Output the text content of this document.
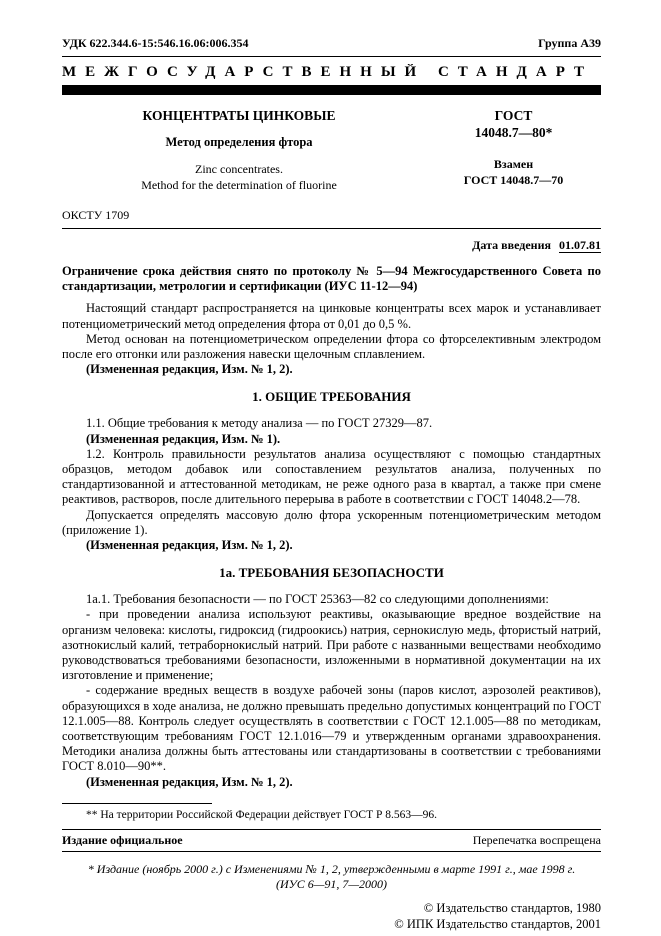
УДК 622.344.6-15:546.16.06:006.354	Группа А39
МЕЖГОСУДАРСТВЕННЫЙ СТАНДАРТ
КОНЦЕНТРАТЫ ЦИНКОВЫЕ
Метод определения фтора
Zinc concentrates.
Method for the determination of fluorine
ГОСТ
14048.7—80*
Взамен
ГОСТ 14048.7—70
ОКСТУ 1709
Дата введения 01.07.81

Ограничение срока действия снято по протоколу № 5—94 Межгосударственного Совета по стандартизации, метрологии и сертификации (ИУС 11-12—94)

Настоящий стандарт распространяется на цинковые концентраты всех марок и устанавливает потенциометрический метод определения фтора от 0,01 до 0,5 %.

Метод основан на потенциометрическом определении фтора со фторселективным электродом после его отгонки или разложения навески щелочным сплавлением.

(Измененная редакция, Изм. № 1, 2).

1. ОБЩИЕ ТРЕБОВАНИЯ

1.1. Общие требования к методу анализа — по ГОСТ 27329—87.

(Измененная редакция, Изм. № 1).

1.2. Контроль правильности результатов анализа осуществляют с помощью стандартных образцов, методом добавок или сопоставлением результатов анализа, полученных по стандартизованной и аттестованной методикам, не реже одного раза в квартал, а также при смене реактивов, растворов, после длительного перерыва в работе в соответствии с ГОСТ 14048.2—78.

Допускается определять массовую долю фтора ускоренным потенциометрическим методом (приложение 1).

(Измененная редакция, Изм. № 1, 2).

1а. ТРЕБОВАНИЯ БЕЗОПАСНОСТИ

1а.1. Требования безопасности — по ГОСТ 25363—82 со следующими дополнениями:

- при проведении анализа используют реактивы, оказывающие вредное воздействие на организм человека: кислоты, гидроксид (гидроокись) натрия, сернокислую медь, фтористый натрий, азотнокислый калий, тетраборнокислый натрий. При работе с названными веществами необходимо руководствоваться требованиями безопасности, изложенными в нормативной документации на их изготовление и применение;

- содержание вредных веществ в воздухе рабочей зоны (паров кислот, аэрозолей реактивов), образующихся в ходе анализа, не должно превышать предельно допустимых концентраций по ГОСТ 12.1.005—88. Контроль следует осуществлять в соответствии с ГОСТ 12.1.005—88 по методикам, соответствующим требованиям ГОСТ 12.1.016—79 и утвержденным органами здравоохранения. Методики анализа должны быть аттестованы или стандартизованы в соответствии с требованиями ГОСТ 8.010—90**.

(Измененная редакция, Изм. № 1, 2).

** На территории Российской Федерации действует ГОСТ Р 8.563—96.

Издание официальное	Перепечатка воспрещена
* Издание (ноябрь 2000 г.) с Изменениями № 1, 2, утвержденными в марте 1991 г., мае 1998 г.
(ИУС 6—91, 7—2000)
© Издательство стандартов, 1980
© ИПК Издательство стандартов, 2001
